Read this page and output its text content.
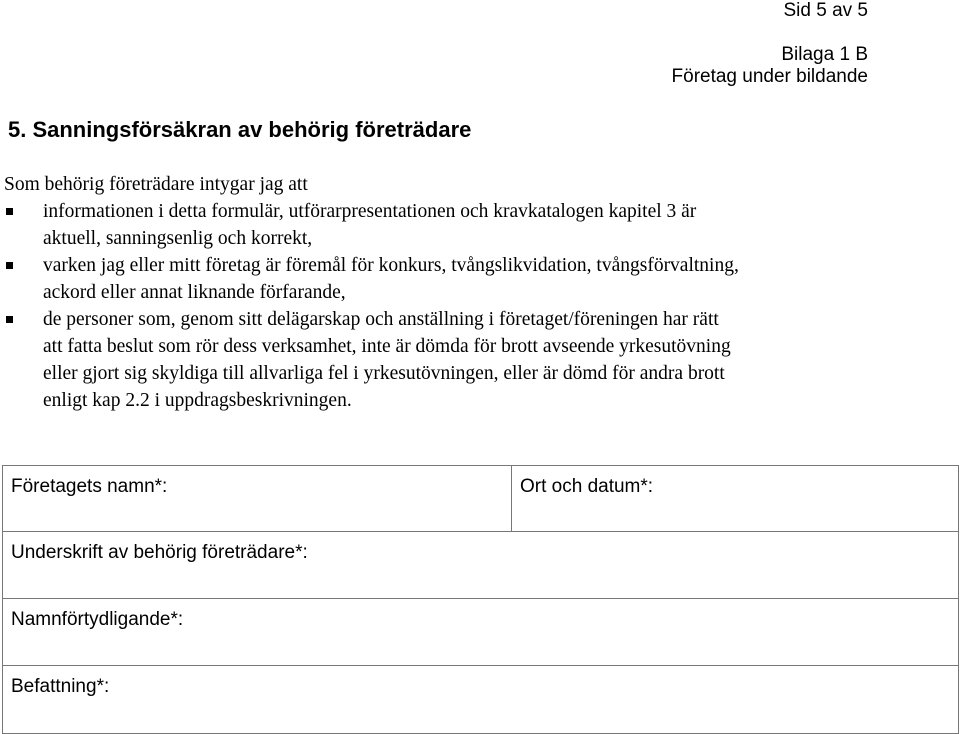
Sid 5 av 5
Bilaga 1 B
Företag under bildande
5. Sanningsförsäkran av behörig företrädare
Som behörig företrädare intygar jag att
informationen i detta formulär, utförarpresentationen och kravkatalogen kapitel 3 är aktuell, sanningsenlig och korrekt,
varken jag eller mitt företag är föremål för konkurs, tvångslikvidation, tvångsförvaltning, ackord eller annat liknande förfarande,
de personer som, genom sitt delägarskap och anställning i företaget/föreningen har rätt att fatta beslut som rör dess verksamhet, inte är dömda för brott avseende yrkesutövning eller gjort sig skyldiga till allvarliga fel i yrkesutövningen, eller är dömd för andra brott enligt kap 2.2 i uppdragsbeskrivningen.
Företagets namn*:	Ort och datum*:
Underskrift av behörig företrädare*:
Namnförtydligande*:
Befattning*:
